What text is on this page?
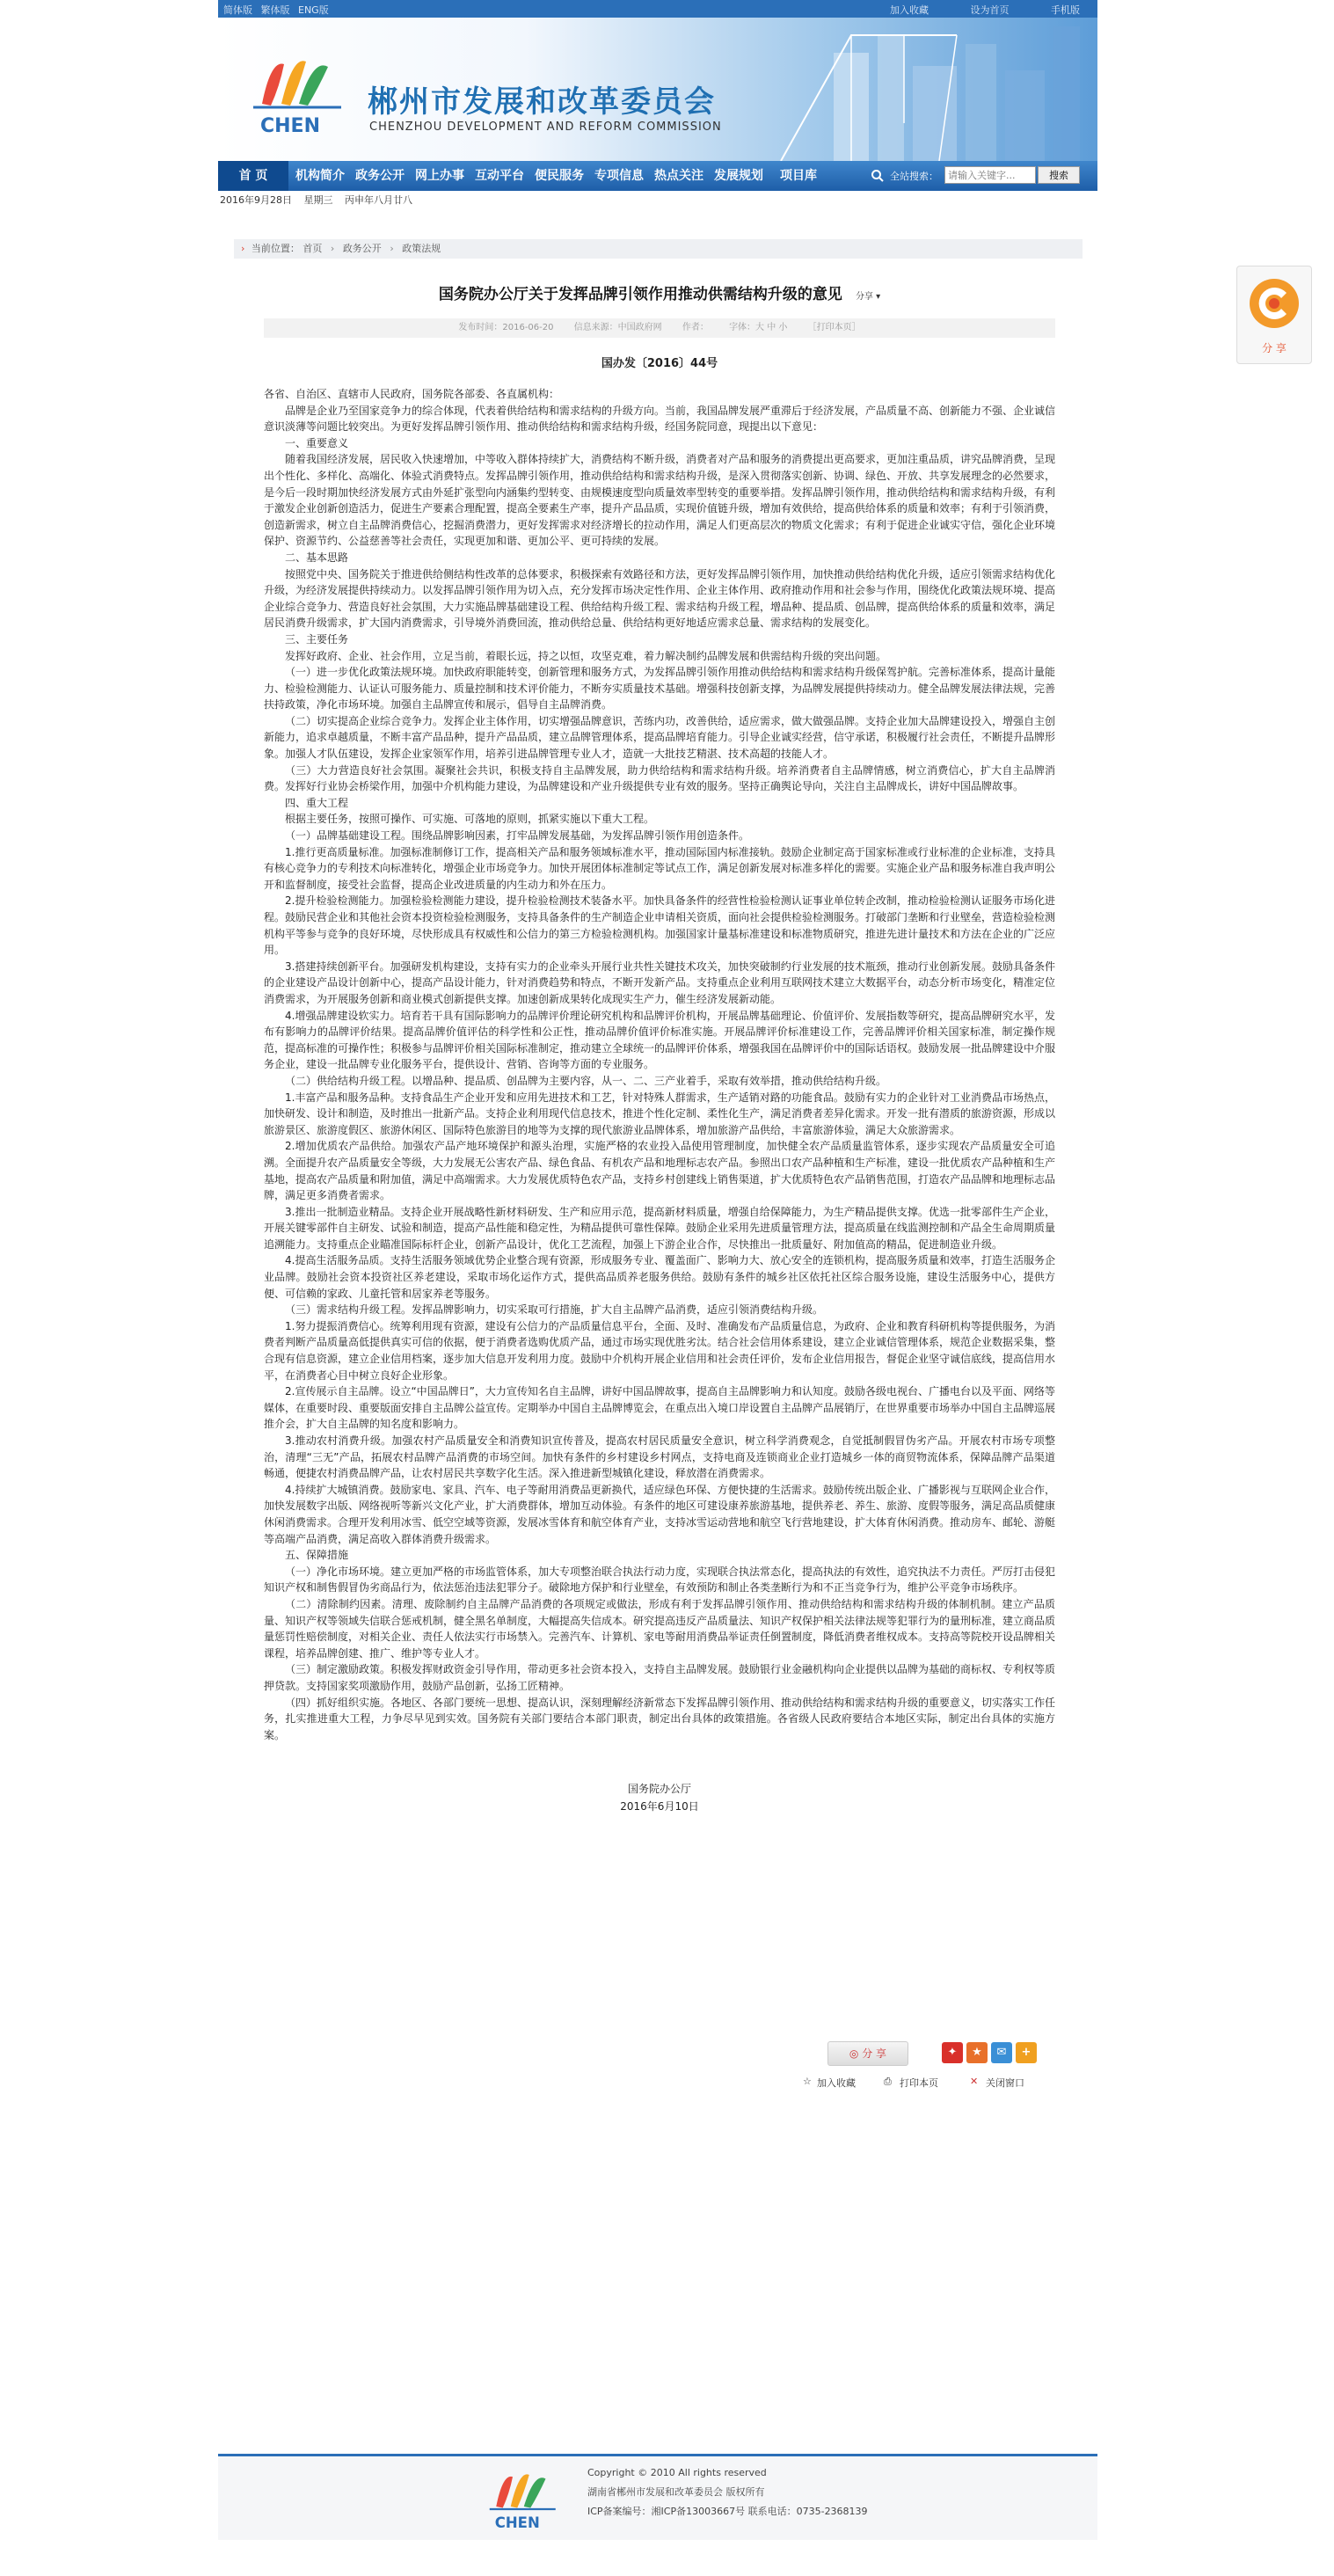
简体版 繁体版 ENG版	加入收藏	设为首页	手机版
CHEN
郴州市发展和改革委员会
CHENZHOU DEVELOPMENT AND REFORM COMMISSION
首 页	机构简介 政务公开 网上办事 互动平台 便民服务 专项信息 热点关注 发展规划	项目库	全站搜索：
请输入关键字...	搜索
2016年9月28日 星期三 丙申年八月廿八
› 当前位置： 首页 › 政务公开 › 政策法规
国务院办公厅关于发挥品牌引领作用推动供需结构升级的意见 分享 ▾
发布时间：2016-06-20 信息来源：中国政府网 作者： 字体：大 中 小 ［打印本页］
国办发〔2016〕44号

各省、自治区、直辖市人民政府，国务院各部委、各直属机构：

品牌是企业乃至国家竞争力的综合体现，代表着供给结构和需求结构的升级方向。当前，我国品牌发展严重滞后于经济发展，产品质量不高、创新能力不强、企业诚信意识淡薄等问题比较突出。为更好发挥品牌引领作用、推动供给结构和需求结构升级，经国务院同意，现提出以下意见：

一、重要意义

随着我国经济发展，居民收入快速增加，中等收入群体持续扩大，消费结构不断升级，消费者对产品和服务的消费提出更高要求，更加注重品质，讲究品牌消费，呈现出个性化、多样化、高端化、体验式消费特点。发挥品牌引领作用，推动供给结构和需求结构升级，是深入贯彻落实创新、协调、绿色、开放、共享发展理念的必然要求，是今后一段时期加快经济发展方式由外延扩张型向内涵集约型转变、由规模速度型向质量效率型转变的重要举措。发挥品牌引领作用，推动供给结构和需求结构升级，有利于激发企业创新创造活力，促进生产要素合理配置，提高全要素生产率，提升产品品质，实现价值链升级，增加有效供给，提高供给体系的质量和效率；有利于引领消费，创造新需求，树立自主品牌消费信心，挖掘消费潜力，更好发挥需求对经济增长的拉动作用，满足人们更高层次的物质文化需求；有利于促进企业诚实守信，强化企业环境保护、资源节约、公益慈善等社会责任，实现更加和谐、更加公平、更可持续的发展。

二、基本思路

按照党中央、国务院关于推进供给侧结构性改革的总体要求，积极探索有效路径和方法，更好发挥品牌引领作用，加快推动供给结构优化升级，适应引领需求结构优化升级，为经济发展提供持续动力。以发挥品牌引领作用为切入点，充分发挥市场决定性作用、企业主体作用、政府推动作用和社会参与作用，围绕优化政策法规环境、提高企业综合竞争力、营造良好社会氛围，大力实施品牌基础建设工程、供给结构升级工程、需求结构升级工程，增品种、提品质、创品牌，提高供给体系的质量和效率，满足居民消费升级需求，扩大国内消费需求，引导境外消费回流，推动供给总量、供给结构更好地适应需求总量、需求结构的发展变化。

三、主要任务

发挥好政府、企业、社会作用，立足当前，着眼长远，持之以恒，攻坚克难，着力解决制约品牌发展和供需结构升级的突出问题。

（一）进一步优化政策法规环境。加快政府职能转变，创新管理和服务方式，为发挥品牌引领作用推动供给结构和需求结构升级保驾护航。完善标准体系，提高计量能力、检验检测能力、认证认可服务能力、质量控制和技术评价能力，不断夯实质量技术基础。增强科技创新支撑，为品牌发展提供持续动力。健全品牌发展法律法规，完善扶持政策，净化市场环境。加强自主品牌宣传和展示，倡导自主品牌消费。

（二）切实提高企业综合竞争力。发挥企业主体作用，切实增强品牌意识，苦练内功，改善供给，适应需求，做大做强品牌。支持企业加大品牌建设投入，增强自主创新能力，追求卓越质量，不断丰富产品品种，提升产品品质，建立品牌管理体系，提高品牌培育能力。引导企业诚实经营，信守承诺，积极履行社会责任，不断提升品牌形象。加强人才队伍建设，发挥企业家领军作用，培养引进品牌管理专业人才，造就一大批技艺精湛、技术高超的技能人才。

（三）大力营造良好社会氛围。凝聚社会共识，积极支持自主品牌发展，助力供给结构和需求结构升级。培养消费者自主品牌情感，树立消费信心，扩大自主品牌消费。发挥好行业协会桥梁作用，加强中介机构能力建设，为品牌建设和产业升级提供专业有效的服务。坚持正确舆论导向，关注自主品牌成长，讲好中国品牌故事。

四、重大工程

根据主要任务，按照可操作、可实施、可落地的原则，抓紧实施以下重大工程。

（一）品牌基础建设工程。围绕品牌影响因素，打牢品牌发展基础，为发挥品牌引领作用创造条件。

1.推行更高质量标准。加强标准制修订工作，提高相关产品和服务领域标准水平，推动国际国内标准接轨。鼓励企业制定高于国家标准或行业标准的企业标准，支持具有核心竞争力的专利技术向标准转化，增强企业市场竞争力。加快开展团体标准制定等试点工作，满足创新发展对标准多样化的需要。实施企业产品和服务标准自我声明公开和监督制度，接受社会监督，提高企业改进质量的内生动力和外在压力。

2.提升检验检测能力。加强检验检测能力建设，提升检验检测技术装备水平。加快具备条件的经营性检验检测认证事业单位转企改制，推动检验检测认证服务市场化进程。鼓励民营企业和其他社会资本投资检验检测服务，支持具备条件的生产制造企业申请相关资质，面向社会提供检验检测服务。打破部门垄断和行业壁垒，营造检验检测机构平等参与竞争的良好环境，尽快形成具有权威性和公信力的第三方检验检测机构。加强国家计量基标准建设和标准物质研究，推进先进计量技术和方法在企业的广泛应用。

3.搭建持续创新平台。加强研发机构建设，支持有实力的企业牵头开展行业共性关键技术攻关，加快突破制约行业发展的技术瓶颈，推动行业创新发展。鼓励具备条件的企业建设产品设计创新中心，提高产品设计能力，针对消费趋势和特点，不断开发新产品。支持重点企业利用互联网技术建立大数据平台，动态分析市场变化，精准定位消费需求，为开展服务创新和商业模式创新提供支撑。加速创新成果转化成现实生产力，催生经济发展新动能。

4.增强品牌建设软实力。培育若干具有国际影响力的品牌评价理论研究机构和品牌评价机构，开展品牌基础理论、价值评价、发展指数等研究，提高品牌研究水平，发布有影响力的品牌评价结果。提高品牌价值评估的科学性和公正性，推动品牌价值评价标准实施。开展品牌评价标准建设工作，完善品牌评价相关国家标准，制定操作规范，提高标准的可操作性；积极参与品牌评价相关国际标准制定，推动建立全球统一的品牌评价体系，增强我国在品牌评价中的国际话语权。鼓励发展一批品牌建设中介服务企业，建设一批品牌专业化服务平台，提供设计、营销、咨询等方面的专业服务。

（二）供给结构升级工程。以增品种、提品质、创品牌为主要内容，从一、二、三产业着手，采取有效举措，推动供给结构升级。

1.丰富产品和服务品种。支持食品生产企业开发和应用先进技术和工艺，针对特殊人群需求，生产适销对路的功能食品。鼓励有实力的企业针对工业消费品市场热点，加快研发、设计和制造，及时推出一批新产品。支持企业利用现代信息技术，推进个性化定制、柔性化生产，满足消费者差异化需求。开发一批有潜质的旅游资源，形成以旅游景区、旅游度假区、旅游休闲区、国际特色旅游目的地等为支撑的现代旅游业品牌体系，增加旅游产品供给，丰富旅游体验，满足大众旅游需求。

2.增加优质农产品供给。加强农产品产地环境保护和源头治理，实施严格的农业投入品使用管理制度，加快健全农产品质量监管体系，逐步实现农产品质量安全可追溯。全面提升农产品质量安全等级，大力发展无公害农产品、绿色食品、有机农产品和地理标志农产品。参照出口农产品种植和生产标准，建设一批优质农产品种植和生产基地，提高农产品质量和附加值，满足中高端需求。大力发展优质特色农产品，支持乡村创建线上销售渠道，扩大优质特色农产品销售范围，打造农产品品牌和地理标志品牌，满足更多消费者需求。

3.推出一批制造业精品。支持企业开展战略性新材料研发、生产和应用示范，提高新材料质量，增强自给保障能力，为生产精品提供支撑。优选一批零部件生产企业，开展关键零部件自主研发、试验和制造，提高产品性能和稳定性，为精品提供可靠性保障。鼓励企业采用先进质量管理方法，提高质量在线监测控制和产品全生命周期质量追溯能力。支持重点企业瞄准国际标杆企业，创新产品设计，优化工艺流程，加强上下游企业合作，尽快推出一批质量好、附加值高的精品，促进制造业升级。

4.提高生活服务品质。支持生活服务领域优势企业整合现有资源，形成服务专业、覆盖面广、影响力大、放心安全的连锁机构，提高服务质量和效率，打造生活服务企业品牌。鼓励社会资本投资社区养老建设，采取市场化运作方式，提供高品质养老服务供给。鼓励有条件的城乡社区依托社区综合服务设施，建设生活服务中心，提供方便、可信赖的家政、儿童托管和居家养老等服务。

（三）需求结构升级工程。发挥品牌影响力，切实采取可行措施，扩大自主品牌产品消费，适应引领消费结构升级。

1.努力提振消费信心。统筹利用现有资源，建设有公信力的产品质量信息平台，全面、及时、准确发布产品质量信息，为政府、企业和教育科研机构等提供服务，为消费者判断产品质量高低提供真实可信的依据，便于消费者选购优质产品，通过市场实现优胜劣汰。结合社会信用体系建设，建立企业诚信管理体系，规范企业数据采集，整合现有信息资源，建立企业信用档案，逐步加大信息开发利用力度。鼓励中介机构开展企业信用和社会责任评价，发布企业信用报告，督促企业坚守诚信底线，提高信用水平，在消费者心目中树立良好企业形象。

2.宣传展示自主品牌。设立“中国品牌日”，大力宣传知名自主品牌，讲好中国品牌故事，提高自主品牌影响力和认知度。鼓励各级电视台、广播电台以及平面、网络等媒体，在重要时段、重要版面安排自主品牌公益宣传。定期举办中国自主品牌博览会，在重点出入境口岸设置自主品牌产品展销厅，在世界重要市场举办中国自主品牌巡展推介会，扩大自主品牌的知名度和影响力。

3.推动农村消费升级。加强农村产品质量安全和消费知识宣传普及，提高农村居民质量安全意识，树立科学消费观念，自觉抵制假冒伪劣产品。开展农村市场专项整治，清理“三无”产品，拓展农村品牌产品消费的市场空间。加快有条件的乡村建设乡村网点，支持电商及连锁商业企业打造城乡一体的商贸物流体系，保障品牌产品渠道畅通，便捷农村消费品牌产品，让农村居民共享数字化生活。深入推进新型城镇化建设，释放潜在消费需求。

4.持续扩大城镇消费。鼓励家电、家具、汽车、电子等耐用消费品更新换代，适应绿色环保、方便快捷的生活需求。鼓励传统出版企业、广播影视与互联网企业合作，加快发展数字出版、网络视听等新兴文化产业，扩大消费群体，增加互动体验。有条件的地区可建设康养旅游基地，提供养老、养生、旅游、度假等服务，满足高品质健康休闲消费需求。合理开发利用冰雪、低空空域等资源，发展冰雪体育和航空体育产业，支持冰雪运动营地和航空飞行营地建设，扩大体育休闲消费。推动房车、邮轮、游艇等高端产品消费，满足高收入群体消费升级需求。

五、保障措施

（一）净化市场环境。建立更加严格的市场监管体系，加大专项整治联合执法行动力度，实现联合执法常态化，提高执法的有效性，追究执法不力责任。严厉打击侵犯知识产权和制售假冒伪劣商品行为，依法惩治违法犯罪分子。破除地方保护和行业壁垒，有效预防和制止各类垄断行为和不正当竞争行为，维护公平竞争市场秩序。

（二）清除制约因素。清理、废除制约自主品牌产品消费的各项规定或做法，形成有利于发挥品牌引领作用、推动供给结构和需求结构升级的体制机制。建立产品质量、知识产权等领域失信联合惩戒机制，健全黑名单制度，大幅提高失信成本。研究提高违反产品质量法、知识产权保护相关法律法规等犯罪行为的量刑标准，建立商品质量惩罚性赔偿制度，对相关企业、责任人依法实行市场禁入。完善汽车、计算机、家电等耐用消费品举证责任倒置制度，降低消费者维权成本。支持高等院校开设品牌相关课程，培养品牌创建、推广、维护等专业人才。

（三）制定激励政策。积极发挥财政资金引导作用，带动更多社会资本投入，支持自主品牌发展。鼓励银行业金融机构向企业提供以品牌为基础的商标权、专利权等质押贷款。支持国家奖项激励作用，鼓励产品创新，弘扬工匠精神。

（四）抓好组织实施。各地区、各部门要统一思想、提高认识，深刻理解经济新常态下发挥品牌引领作用、推动供给结构和需求结构升级的重要意义，切实落实工作任务，扎实推进重大工程，力争尽早见到实效。国务院有关部门要结合本部门职责，制定出台具体的政策措施。各省级人民政府要结合本地区实际，制定出台具体的实施方案。

国务院办公厅
2016年6月10日
◎ 分 享	✦	★	✉	+
☆ 加入收藏	⎙ 打印本页	✕ 关闭窗口
CHEN
Copyright © 2010 All rights reserved
湖南省郴州市发展和改革委员会 版权所有
ICP备案编号：湘ICP备13003667号 联系电话：0735-2368139
分 享
